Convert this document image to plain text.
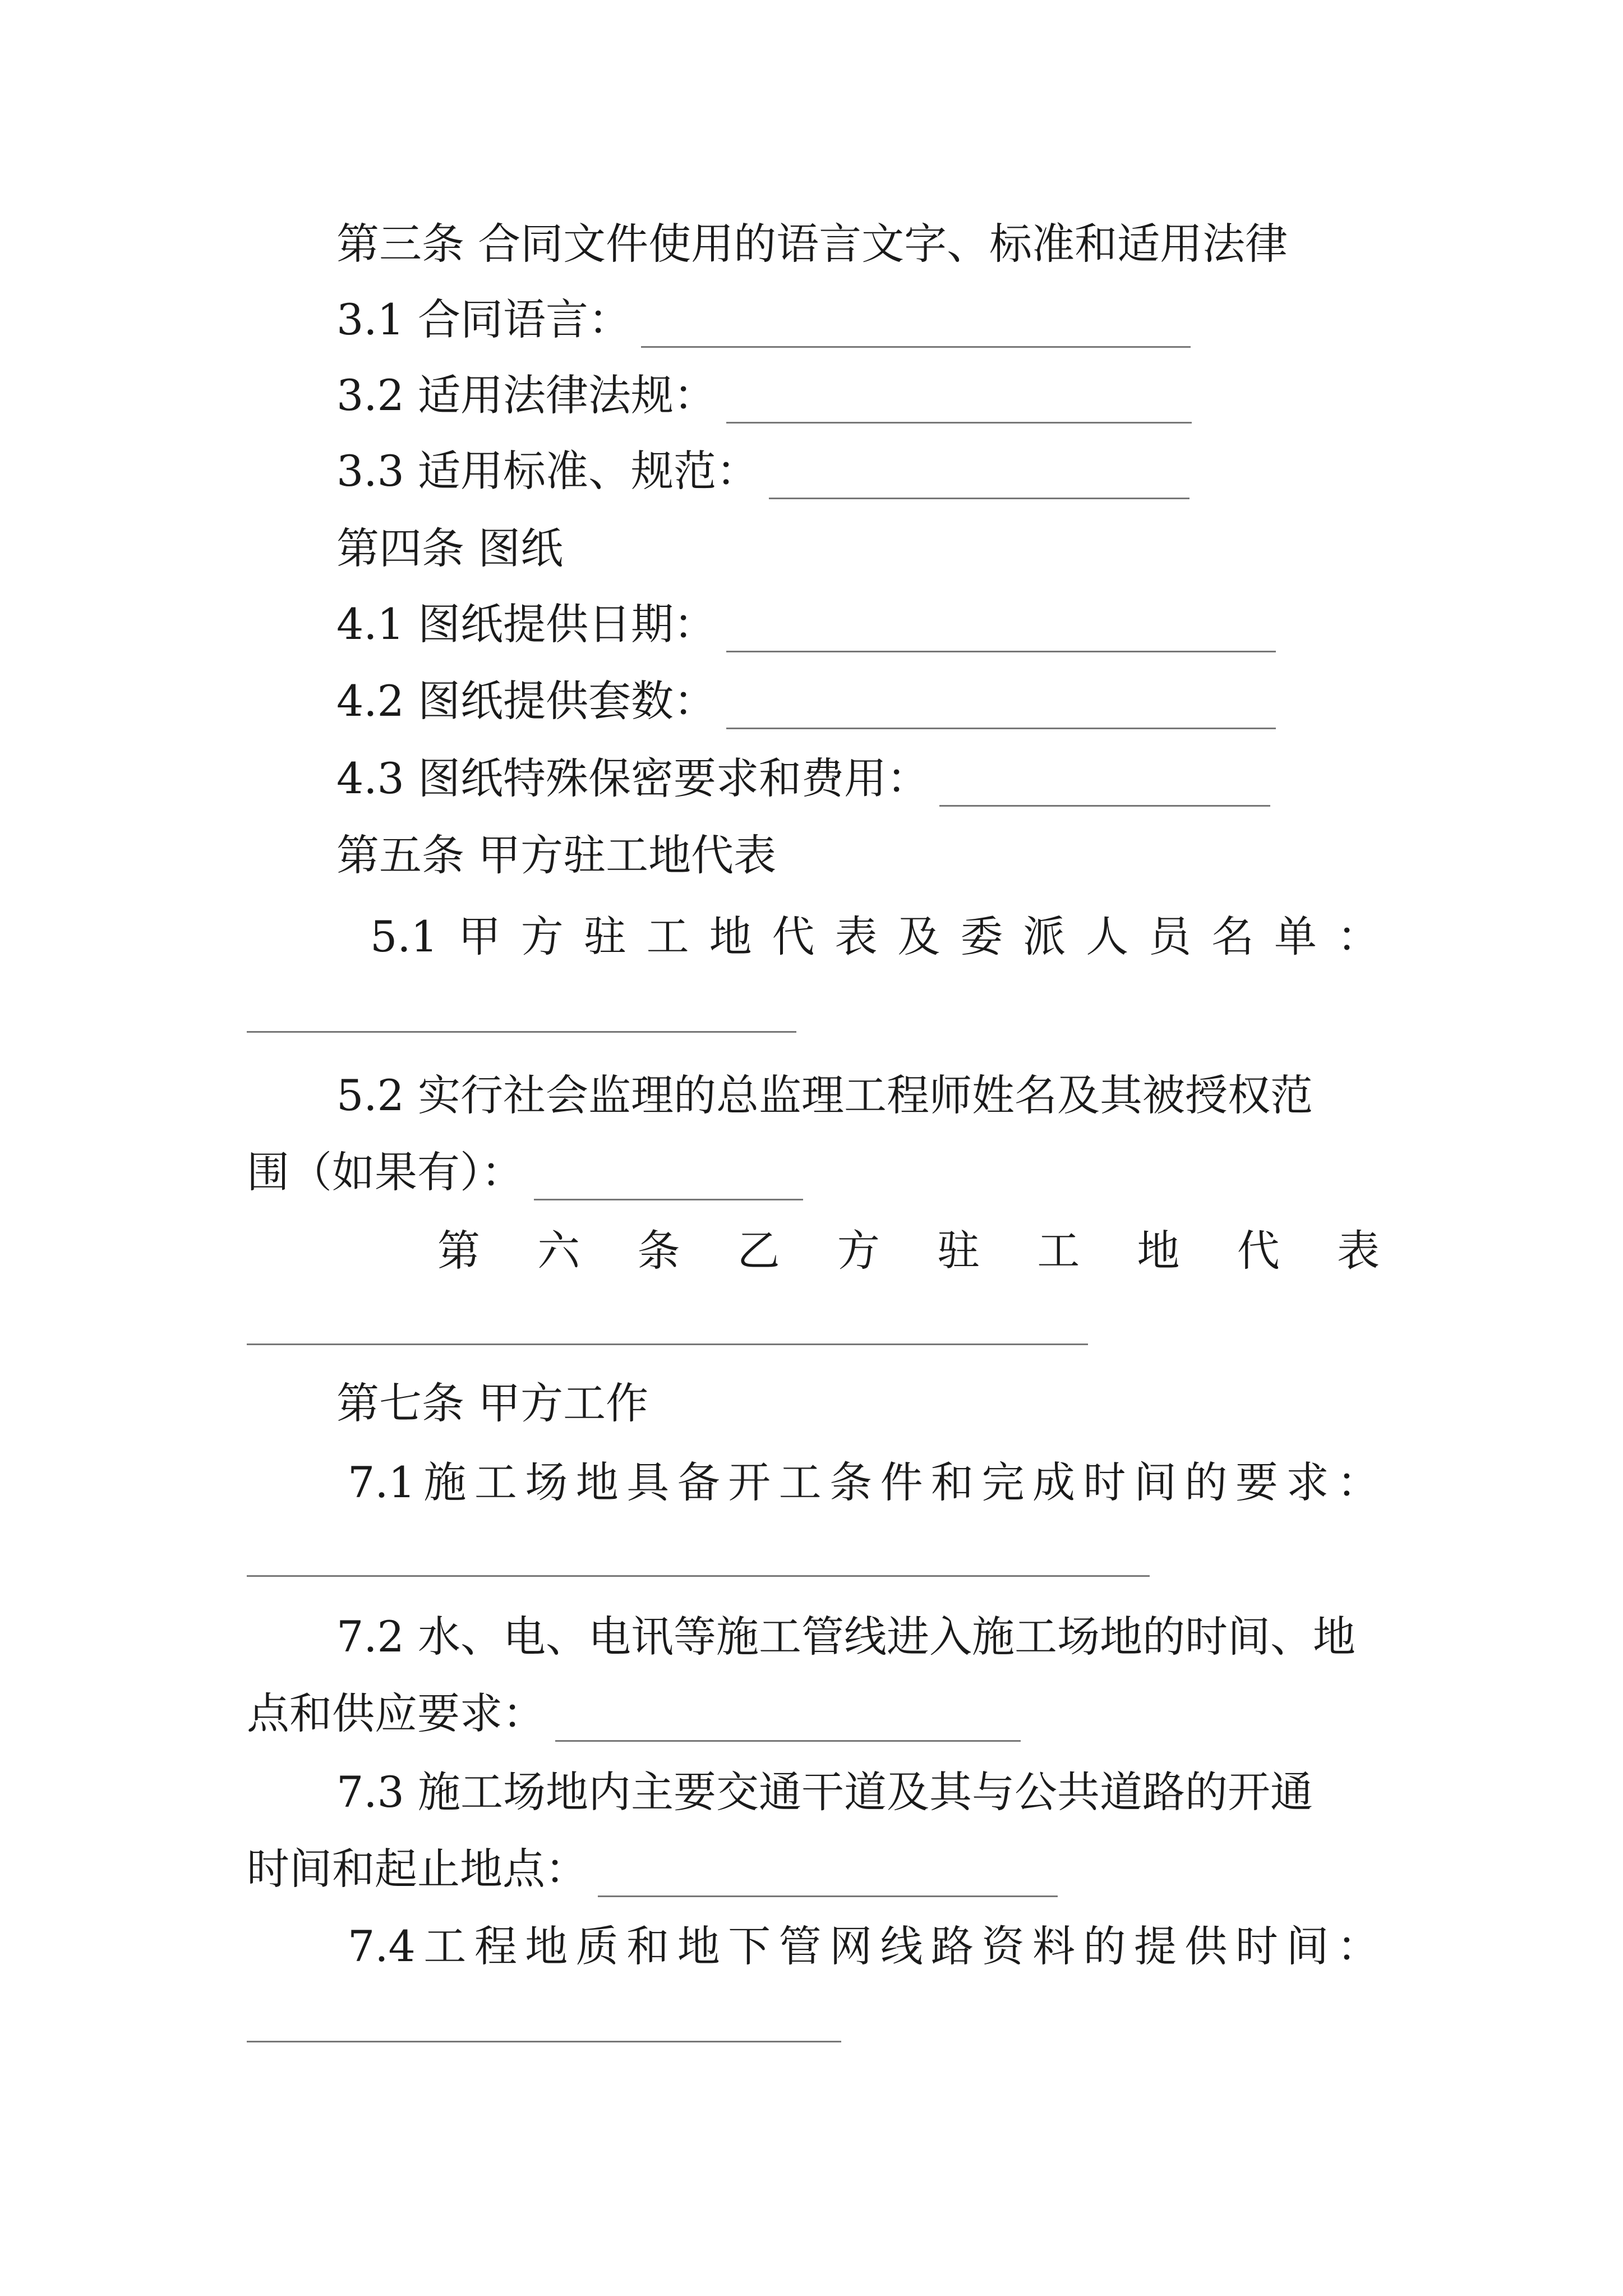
第三条 合同文件使用的语言文字、标准和适用法律
3.1 合同语言：
3.2 适用法律法规：
3.3 适用标准、规范：
第四条 图纸
4.1 图纸提供日期：
4.2 图纸提供套数：
4.3 图纸特殊保密要求和费用：
第五条 甲方驻工地代表
5.1 甲 方 驻 工 地 代 表 及 委 派 人 员 名 单 ：
5.2 实行社会监理的总监理工程师姓名及其被授权范
围（如果有）：
第 六 条 乙 方 驻 工 地 代 表
第七条 甲方工作
7.1 施 工 场 地 具 备 开 工 条 件 和 完 成 时 间 的 要 求 ：
7.2 水、电、电讯等施工管线进入施工场地的时间、地
点和供应要求：
7.3 施工场地内主要交通干道及其与公共道路的开通
时间和起止地点：
7.4 工 程 地 质 和 地 下 管 网 线 路 资 料 的 提 供 时 间 ：
